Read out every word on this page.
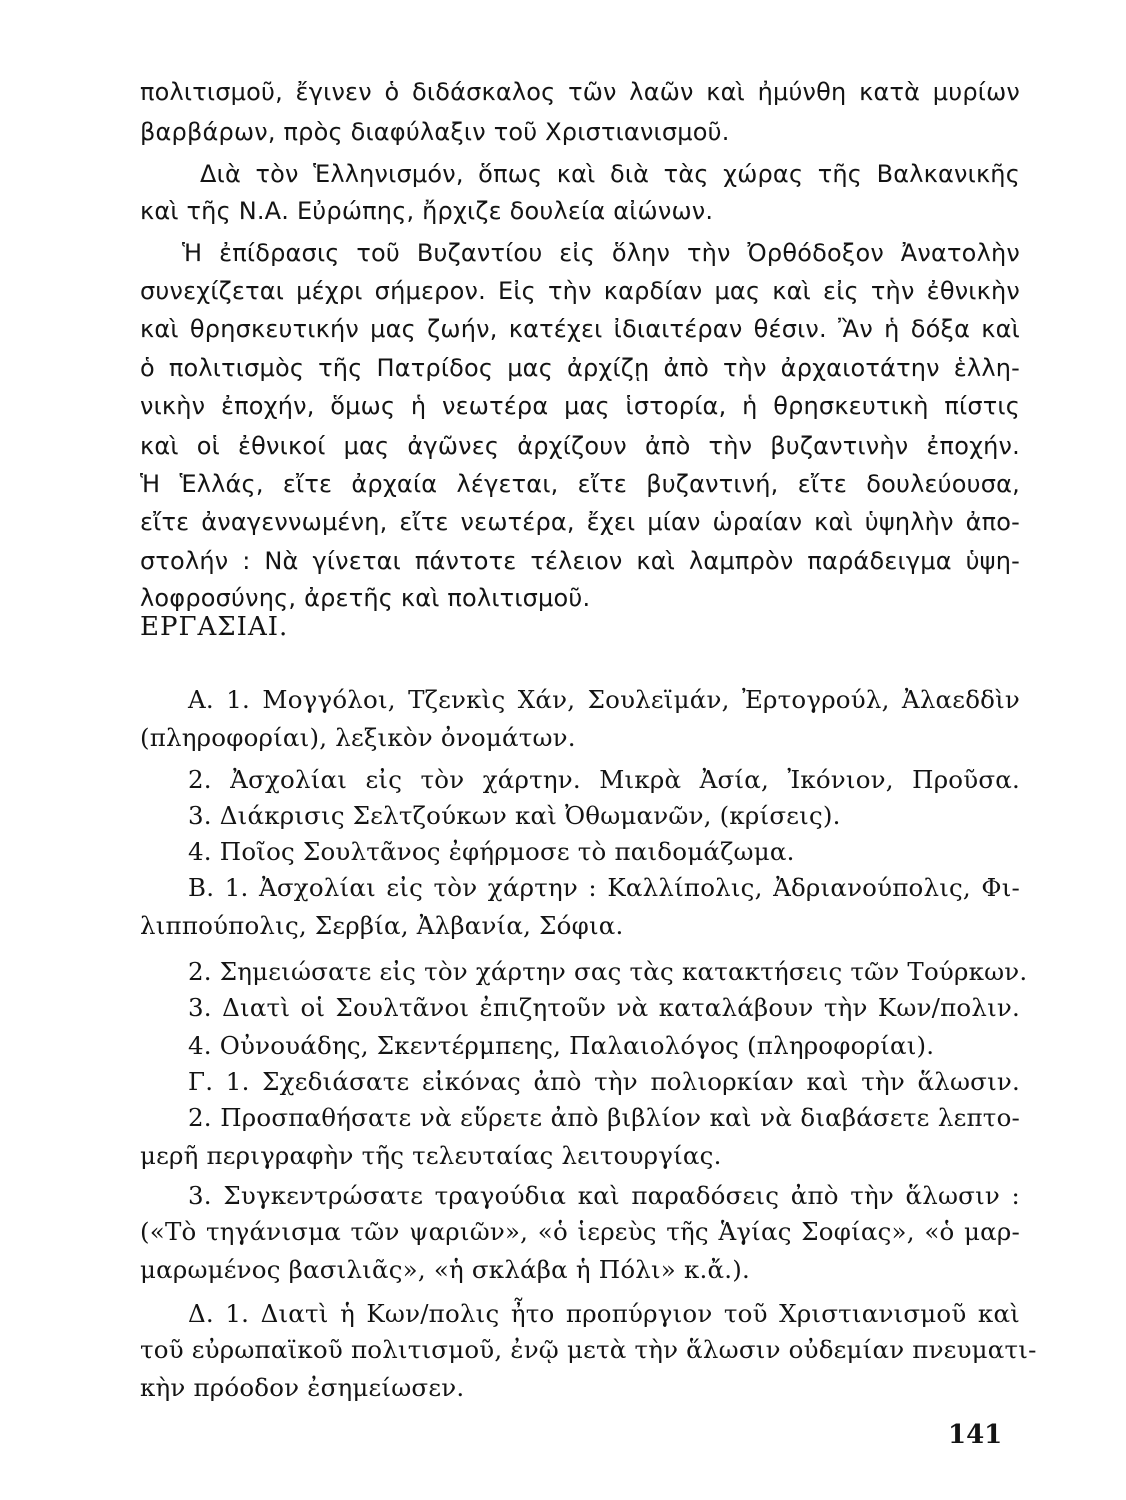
πολιτισμοῦ, ἔγινεν ὁ διδάσκαλος τῶν λαῶν καὶ ἠμύνθη κατὰ μυρίων
βαρβάρων, πρὸς διαφύλαξιν τοῦ Χριστιανισμοῦ.
Διὰ τὸν Ἑλληνισμόν, ὅπως καὶ διὰ τὰς χώρας τῆς Βαλκανικῆς
καὶ τῆς Ν.Α. Εὐρώπης, ἤρχιζε δουλεία αἰώνων.
Ἡ ἐπίδρασις τοῦ Βυζαντίου εἰς ὅλην τὴν Ὀρθόδοξον Ἀνατολὴν
συνεχίζεται μέχρι σήμερον. Εἰς τὴν καρδίαν μας καὶ εἰς τὴν ἐθνικὴν
καὶ θρησκευτικήν μας ζωήν, κατέχει ἰδιαιτέραν θέσιν. Ἂν ἡ δόξα καὶ
ὁ πολιτισμὸς τῆς Πατρίδος μας ἀρχίζῃ ἀπὸ τὴν ἀρχαιοτάτην ἑλλη-
νικὴν ἐποχήν, ὅμως ἡ νεωτέρα μας ἱστορία, ἡ θρησκευτικὴ πίστις
καὶ οἱ ἐθνικοί μας ἀγῶνες ἀρχίζουν ἀπὸ τὴν βυζαντινὴν ἐποχήν.
Ἡ Ἑλλάς, εἴτε ἀρχαία λέγεται, εἴτε βυζαντινή, εἴτε δουλεύουσα,
εἴτε ἀναγεννωμένη, εἴτε νεωτέρα, ἔχει μίαν ὡραίαν καὶ ὑψηλὴν ἀπο-
στολήν : Νὰ γίνεται πάντοτε τέλειον καὶ λαμπρὸν παράδειγμα ὑψη-
λοφροσύνης, ἀρετῆς καὶ πολιτισμοῦ.
ΕΡΓΑΣΙΑΙ.
Α. 1. Μογγόλοι, Τζενκὶς Χάν, Σουλεϊμάν, Ἐρτογρούλ, Ἀλαεδδὶν
(πληροφορίαι), λεξικὸν ὀνομάτων.
2. Ἀσχολίαι εἰς τὸν χάρτην. Μικρὰ Ἀσία, Ἰκόνιον, Προῦσα.
3. Διάκρισις Σελτζούκων καὶ Ὀθωμανῶν, (κρίσεις).
4. Ποῖος Σουλτᾶνος ἐφήρμοσε τὸ παιδομάζωμα.
Β. 1. Ἀσχολίαι εἰς τὸν χάρτην : Καλλίπολις, Ἀδριανούπολις, Φι-
λιππούπολις, Σερβία, Ἀλβανία, Σόφια.
2. Σημειώσατε εἰς τὸν χάρτην σας τὰς κατακτήσεις τῶν Τούρκων.
3. Διατὶ οἱ Σουλτᾶνοι ἐπιζητοῦν νὰ καταλάβουν τὴν Κων/πολιν.
4. Οὐνουάδης, Σκεντέρμπεης, Παλαιολόγος (πληροφορίαι).
Γ. 1. Σχεδιάσατε εἰκόνας ἀπὸ τὴν πολιορκίαν καὶ τὴν ἅλωσιν.
2. Προσπαθήσατε νὰ εὕρετε ἀπὸ βιβλίον καὶ νὰ διαβάσετε λεπτο-
μερῆ περιγραφὴν τῆς τελευταίας λειτουργίας.
3. Συγκεντρώσατε τραγούδια καὶ παραδόσεις ἀπὸ τὴν ἅλωσιν :
(«Τὸ τηγάνισμα τῶν ψαριῶν», «ὁ ἱερεὺς τῆς Ἁγίας Σοφίας», «ὁ μαρ-
μαρωμένος βασιλιᾶς», «ἡ σκλάβα ἡ Πόλι» κ.ἄ.).
Δ. 1. Διατὶ ἡ Κων/πολις ἦτο προπύργιον τοῦ Χριστιανισμοῦ καὶ
τοῦ εὐρωπαϊκοῦ πολιτισμοῦ, ἐνῷ μετὰ τὴν ἅλωσιν οὐδεμίαν πνευματι-
κὴν πρόοδον ἐσημείωσεν.
141
